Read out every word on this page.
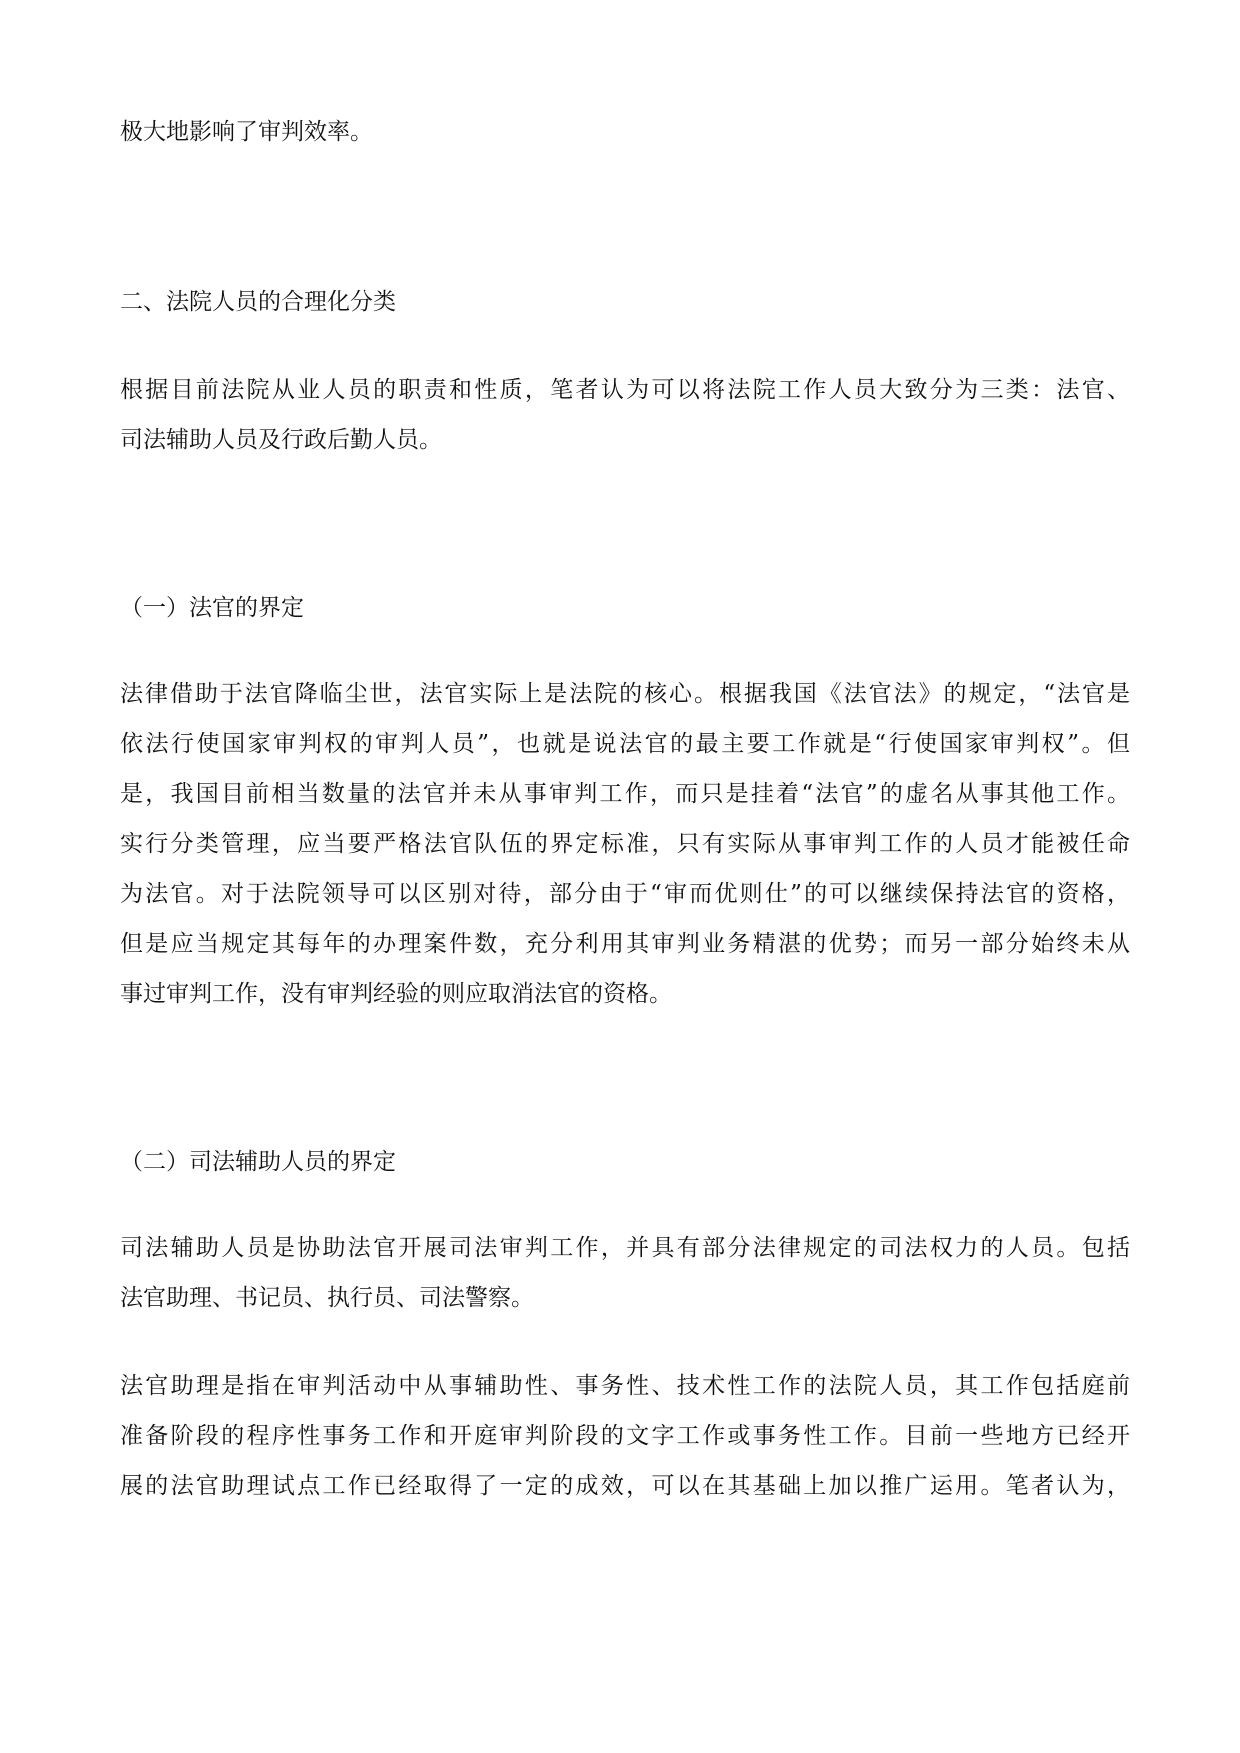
极大地影响了审判效率。
二、法院人员的合理化分类
根据目前法院从业人员的职责和性质，笔者认为可以将法院工作人员大致分为三类：法官、
司法辅助人员及行政后勤人员。
（一）法官的界定
法律借助于法官降临尘世，法官实际上是法院的核心。根据我国《法官法》的规定，“法官是
依法行使国家审判权的审判人员”，也就是说法官的最主要工作就是“行使国家审判权”。但
是，我国目前相当数量的法官并未从事审判工作，而只是挂着“法官”的虚名从事其他工作。
实行分类管理，应当要严格法官队伍的界定标准，只有实际从事审判工作的人员才能被任命
为法官。对于法院领导可以区别对待，部分由于“审而优则仕”的可以继续保持法官的资格，
但是应当规定其每年的办理案件数，充分利用其审判业务精湛的优势；而另一部分始终未从
事过审判工作，没有审判经验的则应取消法官的资格。
（二）司法辅助人员的界定
司法辅助人员是协助法官开展司法审判工作，并具有部分法律规定的司法权力的人员。包括
法官助理、书记员、执行员、司法警察。
法官助理是指在审判活动中从事辅助性、事务性、技术性工作的法院人员，其工作包括庭前
准备阶段的程序性事务工作和开庭审判阶段的文字工作或事务性工作。目前一些地方已经开
展的法官助理试点工作已经取得了一定的成效，可以在其基础上加以推广运用。笔者认为，
